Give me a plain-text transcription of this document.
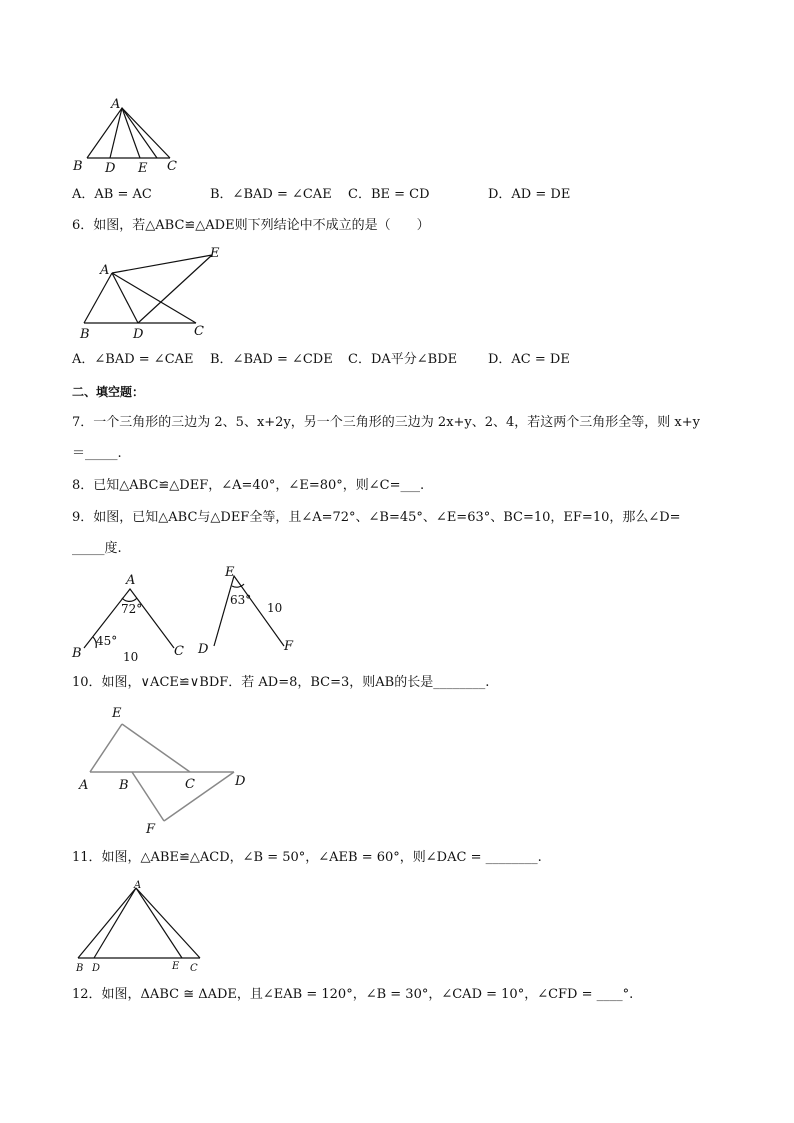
A
B D E C
A．AB = AC	B．∠BAD = ∠CAE C．BE = CD	D．AD = DE
6．如图，若△ABC≌△ADE则下列结论中不成立的是（　　）
A
E
B	D	C
A．∠BAD = ∠CAE B．∠BAD = ∠CDE C．DA平分∠BDE D．AC = DE
二、填空题：
7．一个三角形的三边为 2、5、x+2y，另一个三角形的三边为 2x+y、2、4，若这两个三角形全等，则 x+y
＝_____.
8．已知△ABC≌△DEF，∠A=40°，∠E=80°，则∠C=___.
9．如图，已知△ABC与△DEF全等，且∠A=72°、∠B=45°、∠E=63°、BC=10，EF=10，那么∠D=
_____度.
A
72°
45°
B	C
10
E
63°
10
D	F
10．如图，∨ACE≌∨BDF．若 AD=8，BC=3，则AB的长是________.
E
A B	C	D
F
11．如图，△ABE≌△ACD，∠B = 50°，∠AEB = 60°，则∠DAC = ________.
A
B D	E C
12．如图，ΔABC ≅ ΔADE，且∠EAB = 120°，∠B = 30°，∠CAD = 10°，∠CFD = ____°.
